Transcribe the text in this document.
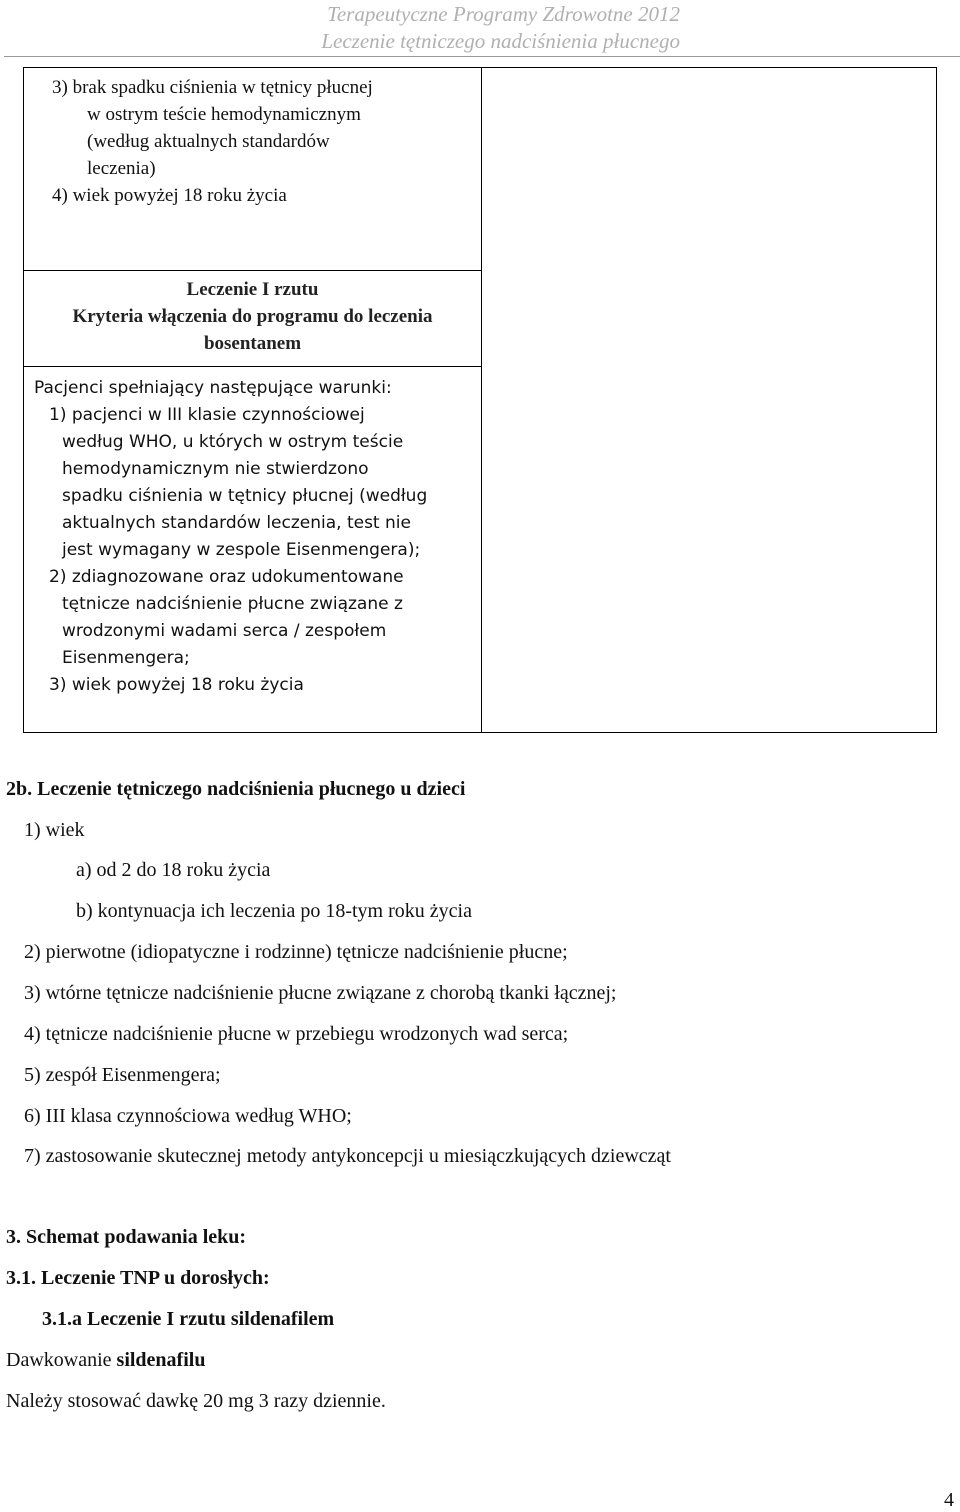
Terapeutyczne Programy Zdrowotne 2012
Leczenie tętniczego nadciśnienia płucnego
3) brak spadku ciśnienia w tętnicy płucnej
w ostrym teście hemodynamicznym
(według aktualnych standardów
leczenia)
4) wiek powyżej 18 roku życia
Leczenie I rzutu
Kryteria włączenia do programu do leczenia
bosentanem
Pacjenci spełniający następujące warunki:
1) pacjenci w III klasie czynnościowej
według WHO, u których w ostrym teście
hemodynamicznym nie stwierdzono
spadku ciśnienia w tętnicy płucnej (według
aktualnych standardów leczenia, test nie
jest wymagany w zespole Eisenmengera);
2) zdiagnozowane oraz udokumentowane
tętnicze nadciśnienie płucne związane z
wrodzonymi wadami serca / zespołem
Eisenmengera;
3) wiek powyżej 18 roku życia
2b. Leczenie tętniczego nadciśnienia płucnego u dzieci
1) wiek
a) od 2 do 18 roku życia
b) kontynuacja ich leczenia po 18-tym roku życia
2) pierwotne (idiopatyczne i rodzinne) tętnicze nadciśnienie płucne;
3) wtórne tętnicze nadciśnienie płucne związane z chorobą tkanki łącznej;
4) tętnicze nadciśnienie płucne w przebiegu wrodzonych wad serca;
5) zespół Eisenmengera;
6) III klasa czynnościowa według WHO;
7) zastosowanie skutecznej metody antykoncepcji u miesiączkujących dziewcząt
3. Schemat podawania leku:
3.1. Leczenie TNP u dorosłych:
3.1.a Leczenie I rzutu sildenafilem
Dawkowanie sildenafilu
Należy stosować dawkę 20 mg 3 razy dziennie.
4
